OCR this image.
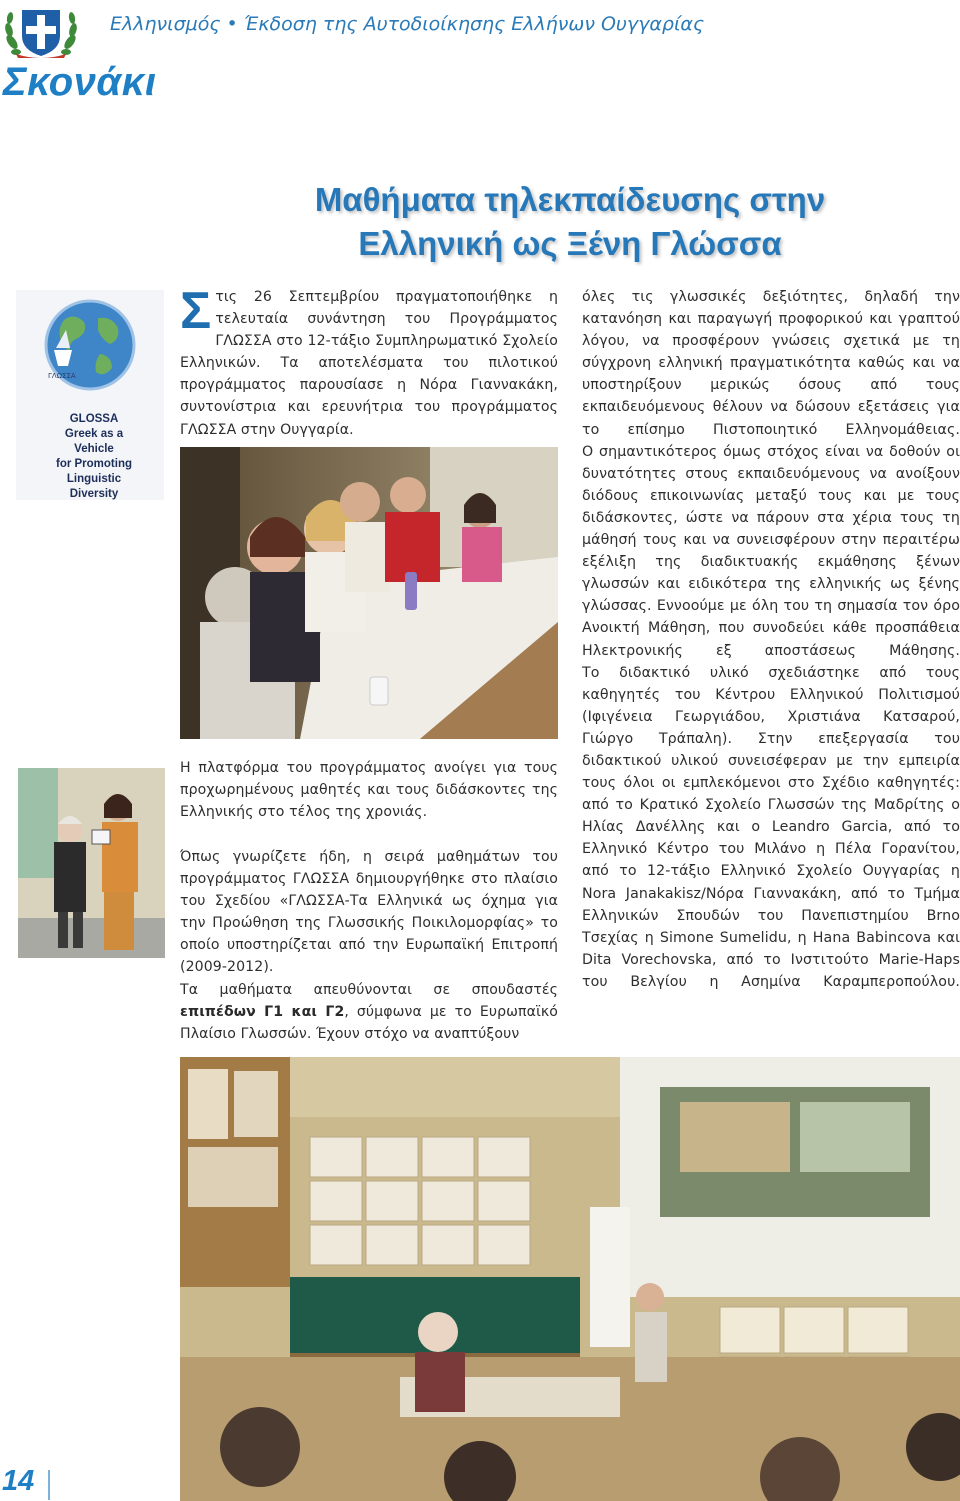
Ελληνισμός • Έκδοση της Αυτοδιοίκησης Ελλήνων Ουγγαρίας
Σκονάκι
Μαθήματα τηλεκπαίδευσης στην
Ελληνική ως Ξένη Γλώσσα
ΓΛΩΣΣΑ
GLOSSA
Greek as a
Vehicle
for Promoting
Linguistic
Diversity
Σ τις 26 Σεπτεμβρίου πραγματοποιήθηκε η τελευταία συνάντηση του Προγράμματος ΓΛΩΣΣΑ στο 12-τάξιο Συμπληρωματικό Σχολείο Ελληνικών. Τα αποτελέσματα του πιλοτικού προγράμματος παρουσίασε η Νόρα Γιαννακάκη, συντονίστρια και ερευνήτρια του προγράμματος ΓΛΩΣΣΑ στην Ουγγαρία.

Η πλατφόρμα του προγράμματος ανοίγει για τους προχωρημένους μαθητές και τους διδάσκοντες της Ελληνικής στο τέλος της χρονιάς.

Όπως γνωρίζετε ήδη, η σειρά μαθημάτων του προγράμματος ΓΛΩΣΣΑ δημιουργήθηκε στο πλαίσιο του Σχεδίου «ΓΛΩΣΣΑ-Τα Ελληνικά ως όχημα για την Προώθηση της Γλωσσικής Ποικιλομορφίας» το οποίο υποστηρίζεται από την Ευρωπαϊκή Επιτροπή (2009-2012).

Τα μαθήματα απευθύνονται σε σπουδαστές επιπέδων Γ1 και Γ2, σύμφωνα με το Ευρωπαϊκό Πλαίσιο Γλωσσών. Έχουν στόχο να αναπτύξουν

όλες τις γλωσσικές δεξιότητες, δηλαδή την κατανόηση και παραγωγή προφορικού και γραπτού λόγου, να προσφέρουν γνώσεις σχετικά με τη σύγχρονη ελληνική πραγματικότητα καθώς και να υποστηρίξουν μερικώς όσους από τους εκπαιδευόμενους θέλουν να δώσουν εξετάσεις για το επίσημο Πιστοποιητικό Ελληνομάθειας.

Ο σημαντικότερος όμως στόχος είναι να δοθούν οι δυνατότητες στους εκπαιδευόμενους να ανοίξουν διόδους επικοινωνίας μεταξύ τους και με τους διδάσκοντες, ώστε να πάρουν στα χέρια τους τη μάθησή τους και να συνεισφέρουν στην περαιτέρω εξέλιξη της διαδικτυακής εκμάθησης ξένων γλωσσών και ειδικότερα της ελληνικής ως ξένης γλώσσας. Εννοούμε με όλη του τη σημασία τον όρο Ανοικτή Μάθηση, που συνοδεύει κάθε προσπάθεια Ηλεκτρονικής εξ αποστάσεως Μάθησης.

Το διδακτικό υλικό σχεδιάστηκε από τους καθηγητές του Κέντρου Ελληνικού Πολιτισμού (Ιφιγένεια Γεωργιάδου, Χριστιάνα Κατσαρού, Γιώργο Τράπαλη). Στην επεξεργασία του διδακτικού υλικού συνεισέφεραν με την εμπειρία τους όλοι οι εμπλεκόμενοι στο Σχέδιο καθηγητές: από το Κρατικό Σχολείο Γλωσσών της Μαδρίτης ο Ηλίας Δανέλλης και ο Leandro Garcia, από το Ελληνικό Κέντρο του Μιλάνο η Πέλα Γορανίτου, από το 12-τάξιο Ελληνικό Σχολείο Ουγγαρίας η Nora Janakakisz/Νόρα Γιαννακάκη, από το Τμήμα Ελληνικών Σπουδών του Πανεπιστημίου Brno Τσεχίας η Simone Sumelidu, η Hana Babincova και Dita Vorechovska, από το Ινστιτούτο Marie-Haps του Βελγίου η Ασημίνα Καραμπεροπούλου.

14
